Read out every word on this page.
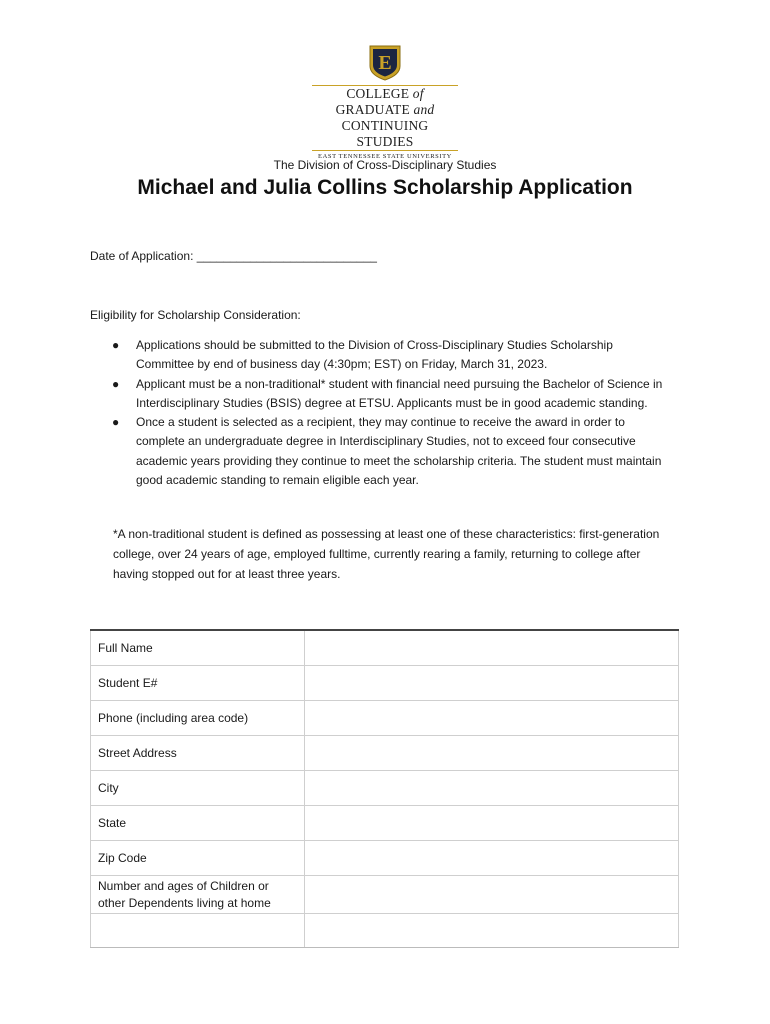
E
COLLEGE of
GRADUATE and
CONTINUING STUDIES
EAST TENNESSEE STATE UNIVERSITY
The Division of Cross-Disciplinary Studies
Michael and Julia Collins Scholarship Application
Date of Application: ___________________________
Eligibility for Scholarship Consideration:
● Applications should be submitted to the Division of Cross-Disciplinary Studies Scholarship Committee by end of business day (4:30pm; EST) on Friday, March 31, 2023.
● Applicant must be a non-traditional* student with financial need pursuing the Bachelor of Science in Interdisciplinary Studies (BSIS) degree at ETSU. Applicants must be in good academic standing.
● Once a student is selected as a recipient, they may continue to receive the award in order to complete an undergraduate degree in Interdisciplinary Studies, not to exceed four consecutive academic years providing they continue to meet the scholarship criteria. The student must maintain good academic standing to remain eligible each year.
*A non-traditional student is defined as possessing at least one of these characteristics: first-generation college, over 24 years of age, employed fulltime, currently rearing a family, returning to college after having stopped out for at least three years.
Full Name	
Student E#	
Phone (including area code)	
Street Address	
City	
State	
Zip Code	
Number and ages of Children or other Dependents living at home	
